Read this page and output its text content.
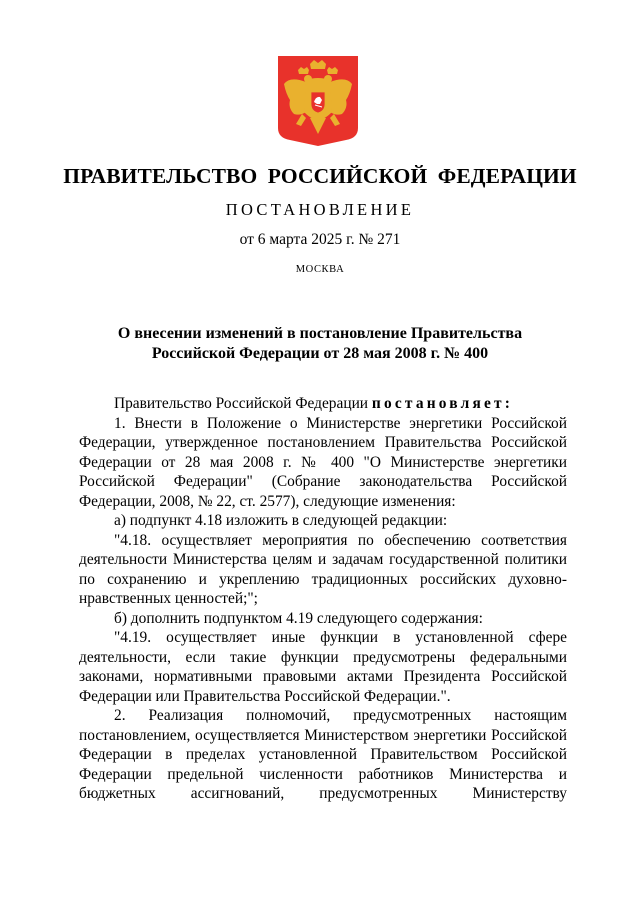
ПРАВИТЕЛЬСТВО РОССИЙСКОЙ ФЕДЕРАЦИИ
ПОСТАНОВЛЕНИЕ
от 6 марта 2025 г. № 271
МОСКВА
О внесении изменений в постановление Правительства
Российской Федерации от 28 мая 2008 г. № 400

Правительство Российской Федерации постановляет:

1. Внести в Положение о Министерстве энергетики Российской Федерации, утвержденное постановлением Правительства Российской Федерации от 28 мая 2008 г. № 400 "О Министерстве энергетики Российской Федерации" (Собрание законодательства Российской Федерации, 2008, № 22, ст. 2577), следующие изменения:

а) подпункт 4.18 изложить в следующей редакции:

"4.18. осуществляет мероприятия по обеспечению соответствия деятельности Министерства целям и задачам государственной политики по сохранению и укреплению традиционных российских духовно-нравственных ценностей;";

б) дополнить подпунктом 4.19 следующего содержания:

"4.19. осуществляет иные функции в установленной сфере деятельности, если такие функции предусмотрены федеральными законами, нормативными правовыми актами Президента Российской Федерации или Правительства Российской Федерации.".

2. Реализация полномочий, предусмотренных настоящим постановлением, осуществляется Министерством энергетики Российской Федерации в пределах установленной Правительством Российской Федерации предельной численности работников Министерства и бюджетных ассигнований, предусмотренных Министерству
